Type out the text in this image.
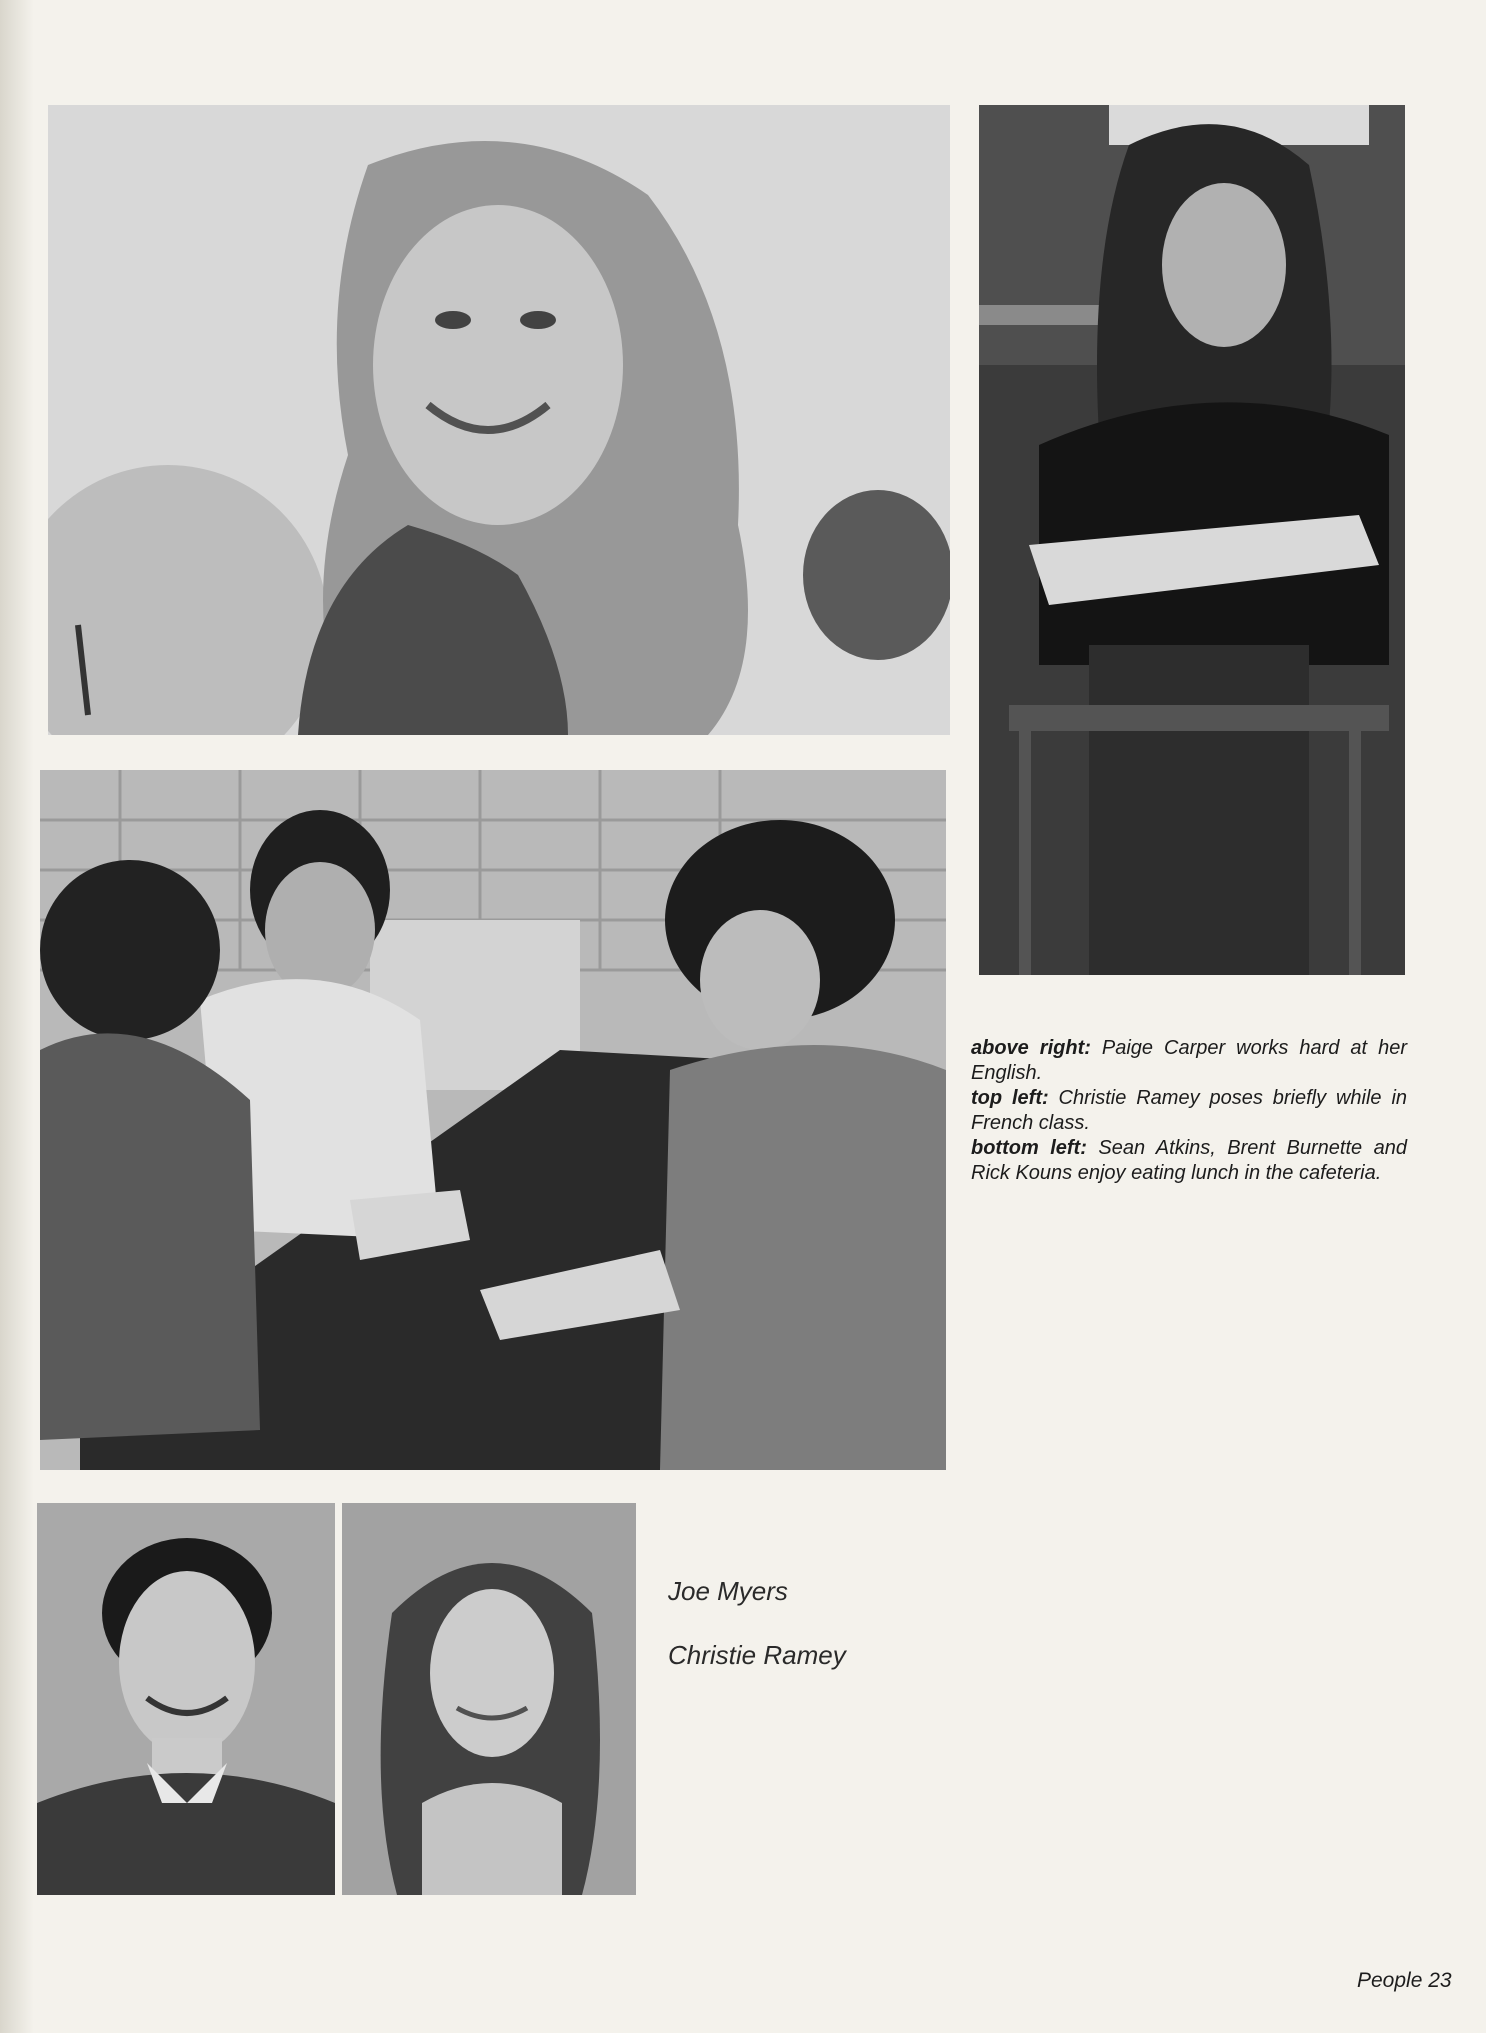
above right: Paige Carper works hard at her English.

top left: Christie Ramey poses briefly while in French class.

bottom left: Sean Atkins, Brent Burnette and Rick Kouns enjoy eating lunch in the cafeteria.

Joe Myers

Christie Ramey

People 23
